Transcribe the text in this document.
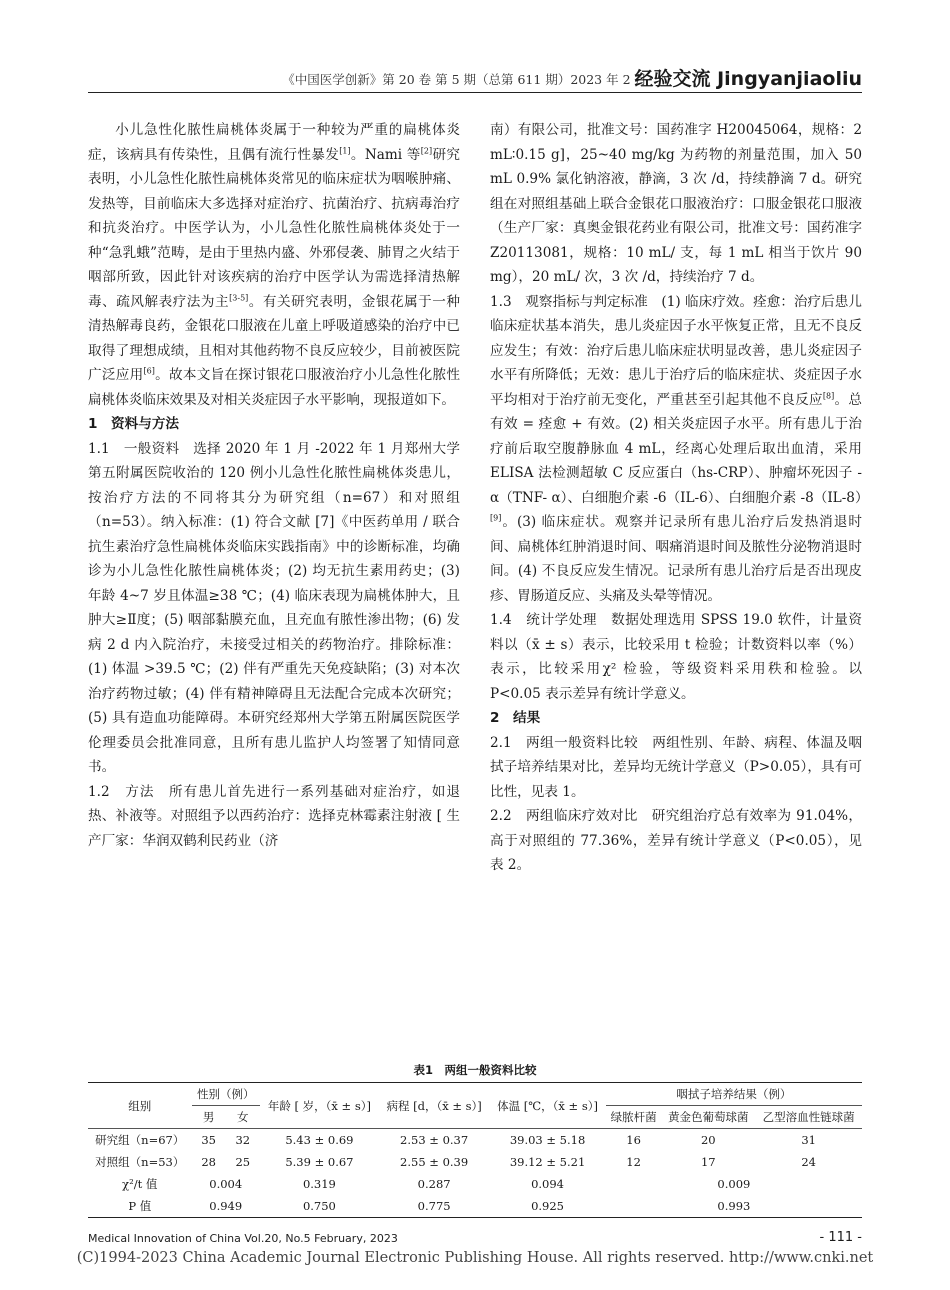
《中国医学创新》第 20 卷 第 5 期（总第 611 期）2023 年 2 月
经验交流 Jingyanjiaoliu

小儿急性化脓性扁桃体炎属于一种较为严重的扁桃体炎症，该病具有传染性，且偶有流行性暴发[1]。Nami 等[2]研究表明，小儿急性化脓性扁桃体炎常见的临床症状为咽喉肿痛、发热等，目前临床大多选择对症治疗、抗菌治疗、抗病毒治疗和抗炎治疗。中医学认为，小儿急性化脓性扁桃体炎处于一种“急乳蛾”范畴，是由于里热内盛、外邪侵袭、肺胃之火结于咽部所致，因此针对该疾病的治疗中医学认为需选择清热解毒、疏风解表疗法为主[3-5]。有关研究表明，金银花属于一种清热解毒良药，金银花口服液在儿童上呼吸道感染的治疗中已取得了理想成绩，且相对其他药物不良反应较少，目前被医院广泛应用[6]。故本文旨在探讨银花口服液治疗小儿急性化脓性扁桃体炎临床效果及对相关炎症因子水平影响，现报道如下。

1　资料与方法

1.1　一般资料　选择 2020 年 1 月 -2022 年 1 月郑州大学第五附属医院收治的 120 例小儿急性化脓性扁桃体炎患儿，按治疗方法的不同将其分为研究组（n=67）和对照组（n=53）。纳入标准：(1) 符合文献 [7]《中医药单用 / 联合抗生素治疗急性扁桃体炎临床实践指南》中的诊断标准，均确诊为小儿急性化脓性扁桃体炎；(2) 均无抗生素用药史；(3) 年龄 4~7 岁且体温≥38 ℃；(4) 临床表现为扁桃体肿大，且肿大≥Ⅱ度；(5) 咽部黏膜充血，且充血有脓性渗出物；(6) 发病 2 d 内入院治疗，未接受过相关的药物治疗。排除标准：(1) 体温 >39.5 ℃；(2) 伴有严重先天免疫缺陷；(3) 对本次治疗药物过敏；(4) 伴有精神障碍且无法配合完成本次研究；(5) 具有造血功能障碍。本研究经郑州大学第五附属医院医学伦理委员会批准同意，且所有患儿监护人均签署了知情同意书。

1.2　方法　所有患儿首先进行一系列基础对症治疗，如退热、补液等。对照组予以西药治疗：选择克林霉素注射液 [ 生产厂家：华润双鹤利民药业（济

南）有限公司，批准文号：国药准字 H20045064，规格：2 mL∶0.15 g]，25~40 mg/kg 为药物的剂量范围，加入 50 mL 0.9% 氯化钠溶液，静滴，3 次 /d，持续静滴 7 d。研究组在对照组基础上联合金银花口服液治疗：口服金银花口服液（生产厂家：真奥金银花药业有限公司，批准文号：国药准字 Z20113081，规格：10 mL/ 支，每 1 mL 相当于饮片 90 mg），20 mL/ 次，3 次 /d，持续治疗 7 d。

1.3　观察指标与判定标准　(1) 临床疗效。痊愈：治疗后患儿临床症状基本消失，患儿炎症因子水平恢复正常，且无不良反应发生；有效：治疗后患儿临床症状明显改善，患儿炎症因子水平有所降低；无效：患儿于治疗后的临床症状、炎症因子水平均相对于治疗前无变化，严重甚至引起其他不良反应[8]。总有效 = 痊愈 + 有效。(2) 相关炎症因子水平。所有患儿于治疗前后取空腹静脉血 4 mL，经离心处理后取出血清，采用 ELISA 法检测超敏 C 反应蛋白（hs-CRP）、肿瘤坏死因子 - α（TNF- α）、白细胞介素 -6（IL-6）、白细胞介素 -8（IL-8）[9]。(3) 临床症状。观察并记录所有患儿治疗后发热消退时间、扁桃体红肿消退时间、咽痛消退时间及脓性分泌物消退时间。(4) 不良反应发生情况。记录所有患儿治疗后是否出现皮疹、胃肠道反应、头痛及头晕等情况。

1.4　统计学处理　数据处理选用 SPSS 19.0 软件，计量资料以（x̄ ± s）表示，比较采用 t 检验；计数资料以率（%）表示，比较采用χ² 检验，等级资料采用秩和检验。以 P<0.05 表示差异有统计学意义。

2　结果

2.1　两组一般资料比较　两组性别、年龄、病程、体温及咽拭子培养结果对比，差异均无统计学意义（P>0.05），具有可比性，见表 1。

2.2　两组临床疗效对比　研究组治疗总有效率为 91.04%，高于对照组的 77.36%，差异有统计学意义（P<0.05），见表 2。

表1　两组一般资料比较
组别	性别（例）		年龄 [ 岁，（x̄ ± s）]	病程 [d，（x̄ ± s）]	体温 [℃，（x̄ ± s）]	咽拭子培养结果（例）		
	男	女				绿脓杆菌	黄金色葡萄球菌	乙型溶血性链球菌
研究组（n=67）	35	32	5.43 ± 0.69	2.53 ± 0.37	39.03 ± 5.18	16	20	31
对照组（n=53）	28	25	5.39 ± 0.67	2.55 ± 0.39	39.12 ± 5.21	12	17	24
χ²/t 值	0.004		0.319	0.287	0.094	0.009		
P 值	0.949		0.750	0.775	0.925	0.993		
Medical Innovation of China Vol.20, No.5 February, 2023	- 111 -
(C)1994-2023 China Academic Journal Electronic Publishing House. All rights reserved. http://www.cnki.net
